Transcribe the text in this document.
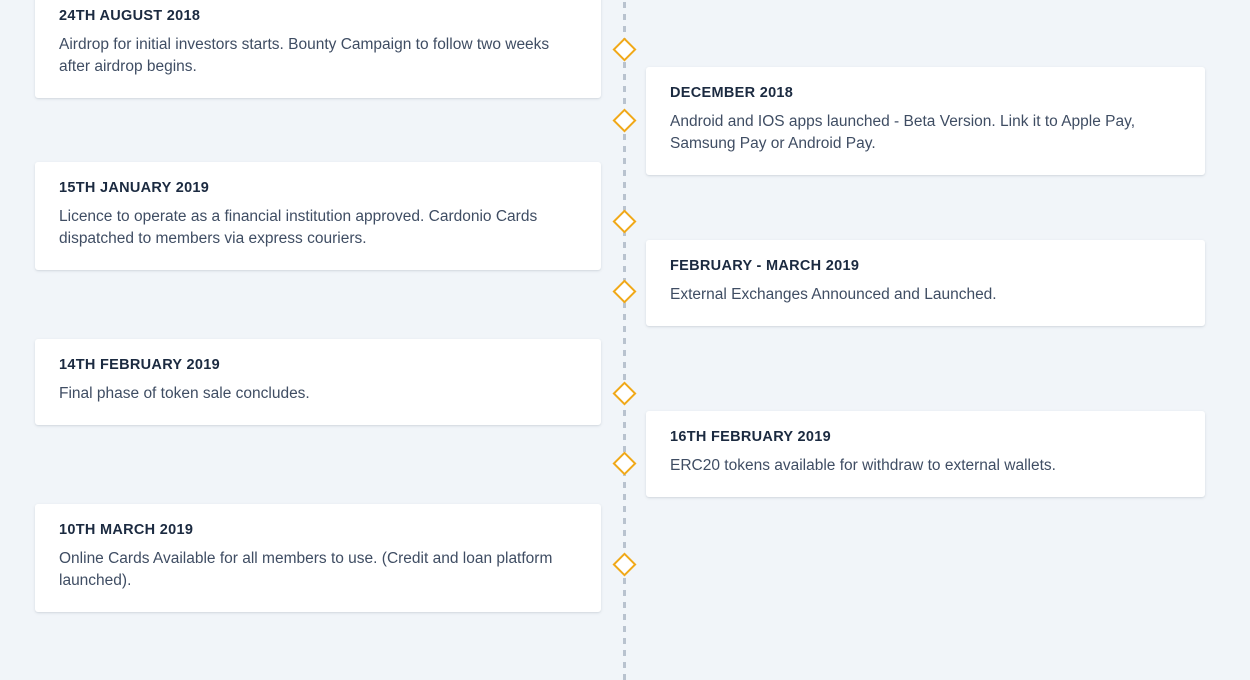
24TH AUGUST 2018
Airdrop for initial investors starts. Bounty Campaign to follow two weeks after airdrop begins.
DECEMBER 2018
Android and IOS apps launched - Beta Version. Link it to Apple Pay, Samsung Pay or Android Pay.
15TH JANUARY 2019
Licence to operate as a financial institution approved. Cardonio Cards dispatched to members via express couriers.
FEBRUARY - MARCH 2019
External Exchanges Announced and Launched.
14TH FEBRUARY 2019
Final phase of token sale concludes.
16TH FEBRUARY 2019
ERC20 tokens available for withdraw to external wallets.
10TH MARCH 2019
Online Cards Available for all members to use. (Credit and loan platform launched).
